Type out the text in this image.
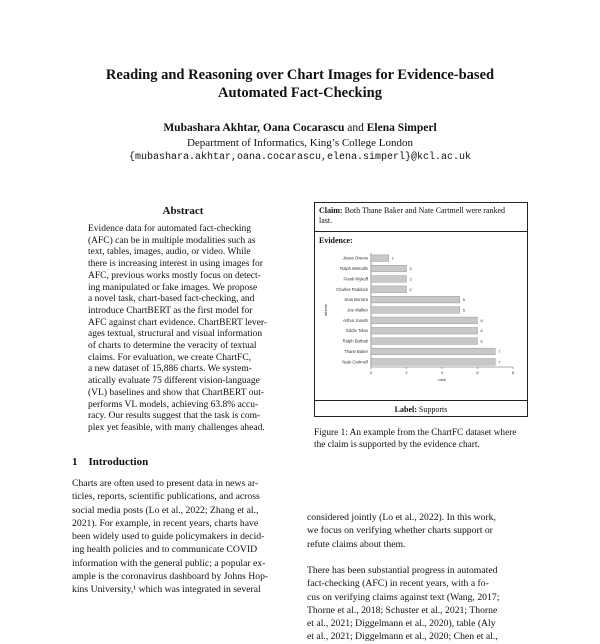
Reading and Reasoning over Chart Images for Evidence-based
Automated Fact-Checking
Mubashara Akhtar, Oana Cocarascu and Elena Simperl
Department of Informatics, King’s College London
{mubashara.akhtar,oana.cocarascu,elena.simperl}@kcl.ac.uk
Abstract
Evidence data for automated fact-checking
(AFC) can be in multiple modalities such as
text, tables, images, audio, or video. While
there is increasing interest in using images for
AFC, previous works mostly focus on detect-
ing manipulated or fake images. We propose
a novel task, chart-based fact-checking, and
introduce ChartBERT as the first model for
AFC against chart evidence. ChartBERT lever-
ages textual, structural and visual information
of charts to determine the veracity of textual
claims. For evaluation, we create ChartFC,
a new dataset of 15,886 charts. We system-
atically evaluate 75 different vision-language
(VL) baselines and show that ChartBERT out-
performs VL models, achieving 63.8% accu-
racy. Our results suggest that the task is com-
plex yet feasible, with many challenges ahead.
Claim: Both Thane Baker and Nate Cartmell were ranked
last.
Evidence:
Jesse Owens	1
Ralph Metcalfe	2
Frank Wykoff	2
Charles Paddock	2
Jean Borotra	5
Joe Walker	5
Arthur Jonath	6
Eddie Tolan	6
Ralph Barbuti	6
Thane Baker	7
Nate Cartmell	7
0	2	4	6	8
rank
athlete
Label: Supports
Figure 1: An example from the ChartFC dataset where
the claim is supported by the evidence chart.
1 Introduction
Charts are often used to present data in news ar-
ticles, reports, scientific publications, and across
social media posts (Lo et al., 2022; Zhang et al.,
2021). For example, in recent years, charts have
been widely used to guide policymakers in decid-
ing health policies and to communicate COVID
information with the general public; a popular ex-
ample is the coronavirus dashboard by Johns Hop-
kins University,¹ which was integrated in several
considered jointly (Lo et al., 2022). In this work,
we focus on verifying whether charts support or
refute claims about them.
There has been substantial progress in automated
fact-checking (AFC) in recent years, with a fo-
cus on verifying claims against text (Wang, 2017;
Thorne et al., 2018; Schuster et al., 2021; Thorne
et al., 2021; Diggelmann et al., 2020), table (Aly
et al., 2021; Diggelmann et al., 2020; Chen et al.,
